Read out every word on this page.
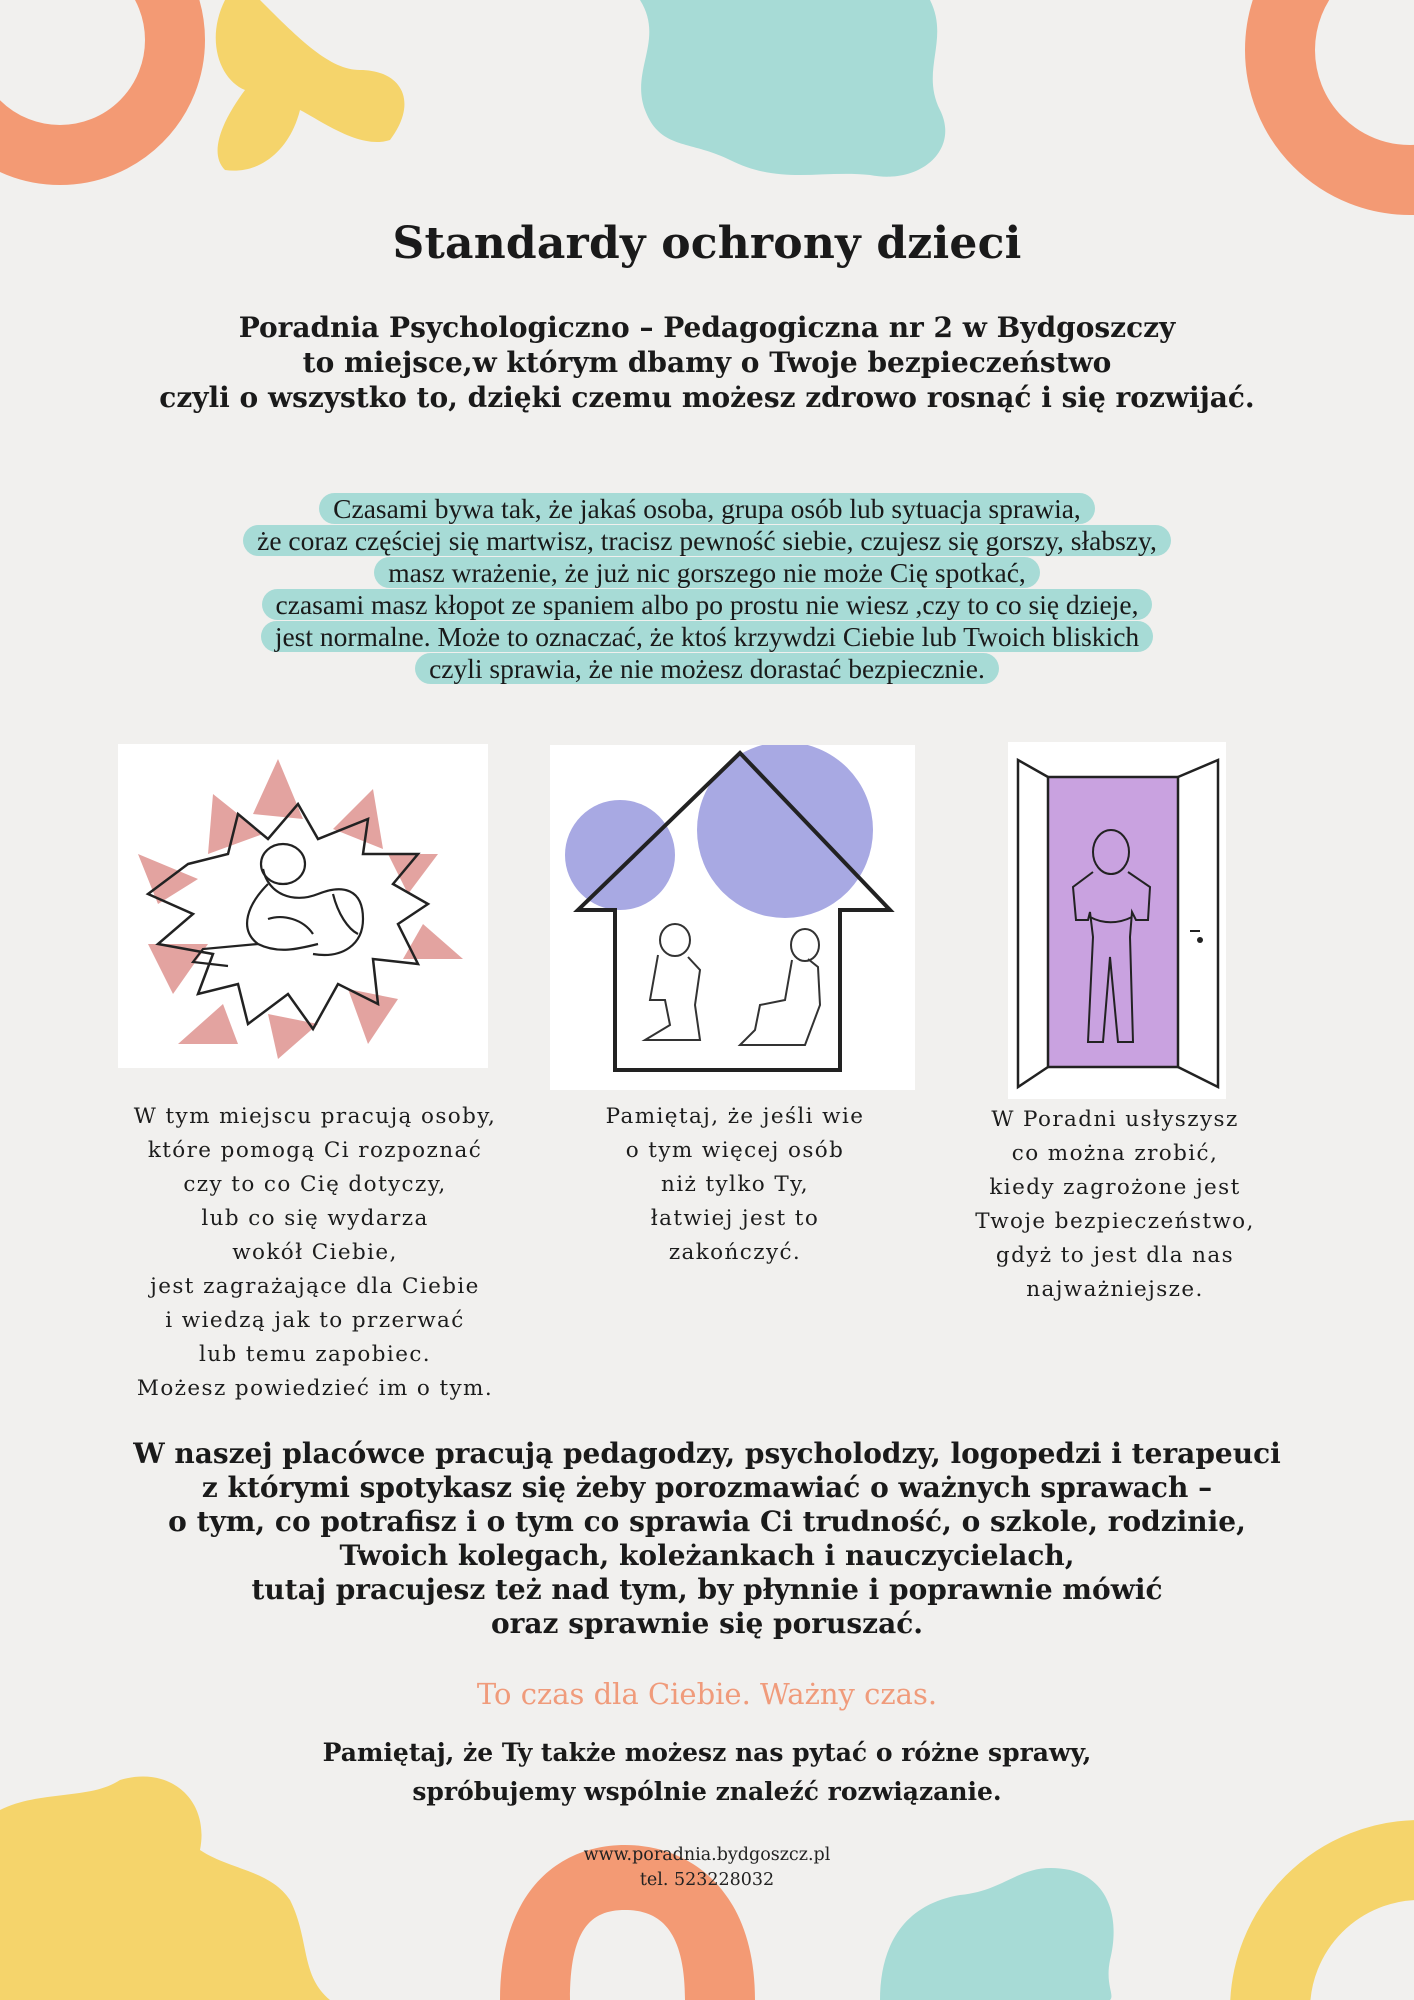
Standardy ochrony dzieci
Poradnia Psychologiczno – Pedagogiczna nr 2 w Bydgoszczy
to miejsce,w którym dbamy o Twoje bezpieczeństwo
czyli o wszystko to, dzięki czemu możesz zdrowo rosnąć i się rozwijać.
Czasami bywa tak, że jakaś osoba, grupa osób lub sytuacja sprawia,
że coraz częściej się martwisz, tracisz pewność siebie, czujesz się gorszy, słabszy,
masz wrażenie, że już nic gorszego nie może Cię spotkać,
czasami masz kłopot ze spaniem albo po prostu nie wiesz ,czy to co się dzieje,
jest normalne. Może to oznaczać, że ktoś krzywdzi Ciebie lub Twoich bliskich
czyli sprawia, że nie możesz dorastać bezpiecznie.
W tym miejscu pracują osoby,
które pomogą Ci rozpoznać
czy to co Cię dotyczy,
lub co się wydarza
wokół Ciebie,
jest zagrażające dla Ciebie
i wiedzą jak to przerwać
lub temu zapobiec.
Możesz powiedzieć im o tym.
Pamiętaj, że jeśli wie
o tym więcej osób
niż tylko Ty,
łatwiej jest to
zakończyć.
W Poradni usłyszysz
co można zrobić,
kiedy zagrożone jest
Twoje bezpieczeństwo,
gdyż to jest dla nas
najważniejsze.
W naszej placówce pracują pedagodzy, psycholodzy, logopedzi i terapeuci
z którymi spotykasz się żeby porozmawiać o ważnych sprawach –
o tym, co potrafisz i o tym co sprawia Ci trudność, o szkole, rodzinie,
Twoich kolegach, koleżankach i nauczycielach,
tutaj pracujesz też nad tym, by płynnie i poprawnie mówić
oraz sprawnie się poruszać.
To czas dla Ciebie. Ważny czas.
Pamiętaj, że Ty także możesz nas pytać o różne sprawy,
spróbujemy wspólnie znaleźć rozwiązanie.
www.poradnia.bydgoszcz.pl
tel. 523228032
